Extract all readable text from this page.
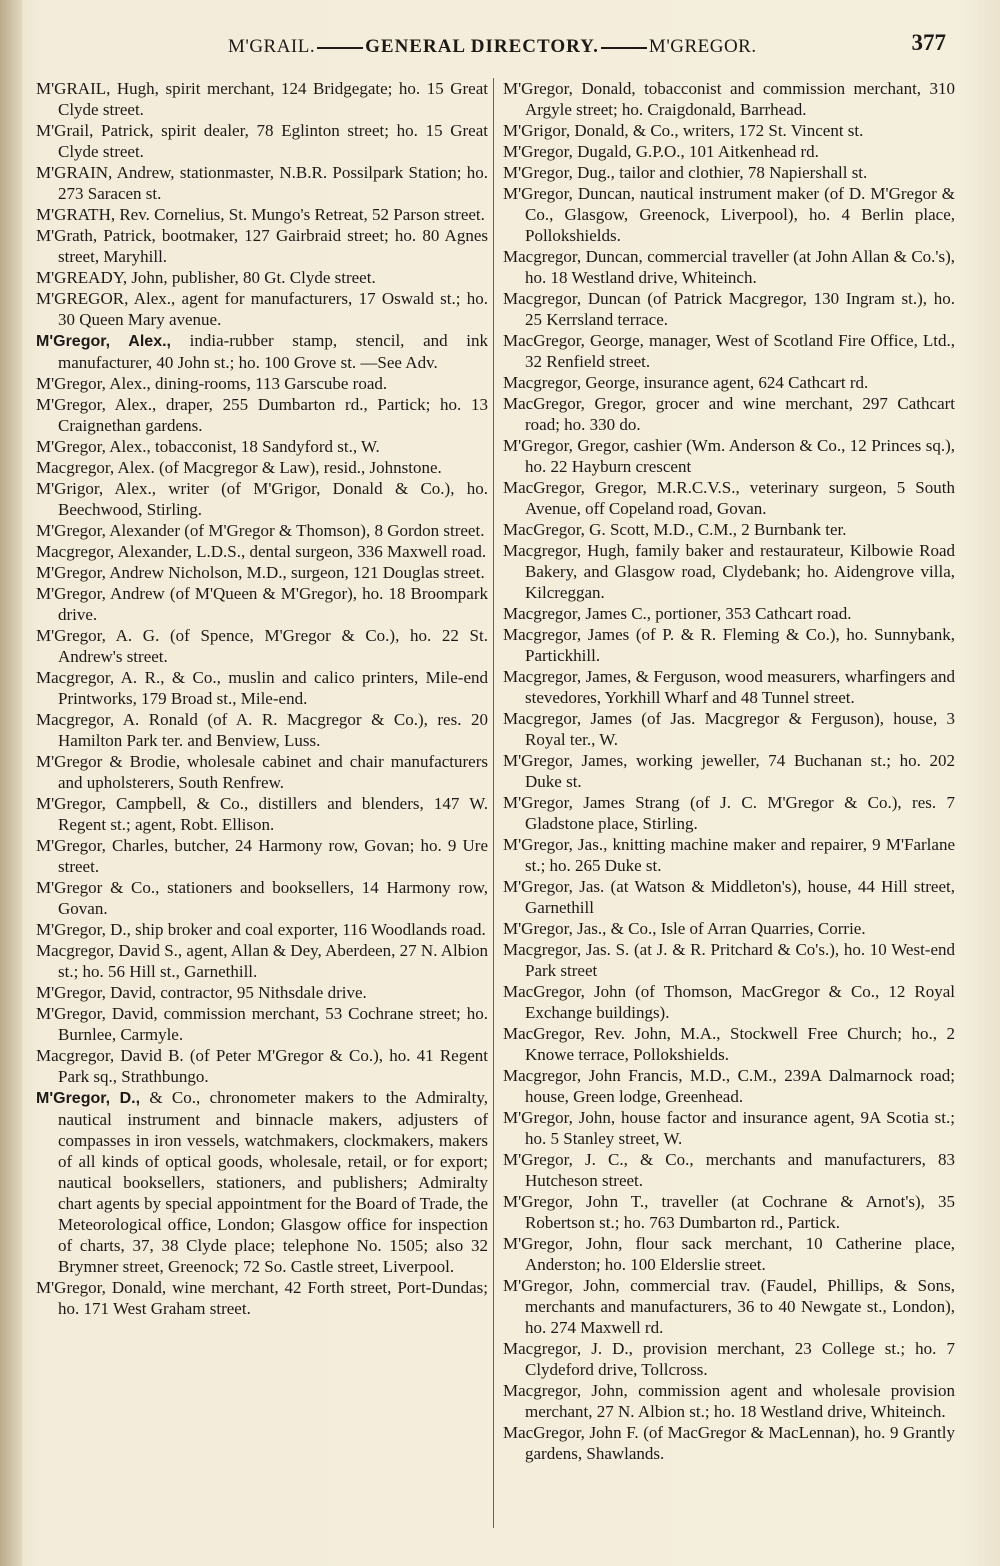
M'GRAIL.	GENERAL DIRECTORY.	M'GREGOR.	377
M'GRAIL, Hugh, spirit merchant, 124 Bridgegate; ho. 15 Great Clyde street.
M'Grail, Patrick, spirit dealer, 78 Eglinton street; ho. 15 Great Clyde street.
M'GRAIN, Andrew, stationmaster, N.B.R. Possilpark Station; ho. 273 Saracen st.
M'GRATH, Rev. Cornelius, St. Mungo's Retreat, 52 Parson street.
M'Grath, Patrick, bootmaker, 127 Gairbraid street; ho. 80 Agnes street, Maryhill.
M'GREADY, John, publisher, 80 Gt. Clyde street.
M'GREGOR, Alex., agent for manufacturers, 17 Oswald st.; ho. 30 Queen Mary avenue.
M'Gregor, Alex., india-rubber stamp, stencil, and ink manufacturer, 40 John st.; ho. 100 Grove st. —See Adv.
M'Gregor, Alex., dining-rooms, 113 Garscube road.
M'Gregor, Alex., draper, 255 Dumbarton rd., Partick; ho. 13 Craignethan gardens.
M'Gregor, Alex., tobacconist, 18 Sandyford st., W.
Macgregor, Alex. (of Macgregor & Law), resid., Johnstone.
M'Grigor, Alex., writer (of M'Grigor, Donald & Co.), ho. Beechwood, Stirling.
M'Gregor, Alexander (of M'Gregor & Thomson), 8 Gordon street.
Macgregor, Alexander, L.D.S., dental surgeon, 336 Maxwell road.
M'Gregor, Andrew Nicholson, M.D., surgeon, 121 Douglas street.
M'Gregor, Andrew (of M'Queen & M'Gregor), ho. 18 Broompark drive.
M'Gregor, A. G. (of Spence, M'Gregor & Co.), ho. 22 St. Andrew's street.
Macgregor, A. R., & Co., muslin and calico printers, Mile-end Printworks, 179 Broad st., Mile-end.
Macgregor, A. Ronald (of A. R. Macgregor & Co.), res. 20 Hamilton Park ter. and Benview, Luss.
M'Gregor & Brodie, wholesale cabinet and chair manufacturers and upholsterers, South Renfrew.
M'Gregor, Campbell, & Co., distillers and blenders, 147 W. Regent st.; agent, Robt. Ellison.
M'Gregor, Charles, butcher, 24 Harmony row, Govan; ho. 9 Ure street.
M'Gregor & Co., stationers and booksellers, 14 Harmony row, Govan.
M'Gregor, D., ship broker and coal exporter, 116 Woodlands road.
Macgregor, David S., agent, Allan & Dey, Aberdeen, 27 N. Albion st.; ho. 56 Hill st., Garnethill.
M'Gregor, David, contractor, 95 Nithsdale drive.
M'Gregor, David, commission merchant, 53 Cochrane street; ho. Burnlee, Carmyle.
Macgregor, David B. (of Peter M'Gregor & Co.), ho. 41 Regent Park sq., Strathbungo.
M'Gregor, D., & Co., chronometer makers to the Admiralty, nautical instrument and binnacle makers, adjusters of compasses in iron vessels, watchmakers, clockmakers, makers of all kinds of optical goods, wholesale, retail, or for export; nautical booksellers, stationers, and publishers; Admiralty chart agents by special appointment for the Board of Trade, the Meteorological office, London; Glasgow office for inspection of charts, 37, 38 Clyde place; telephone No. 1505; also 32 Brymner street, Greenock; 72 So. Castle street, Liverpool.
M'Gregor, Donald, wine merchant, 42 Forth street, Port-Dundas; ho. 171 West Graham street.
M'Gregor, Donald, tobacconist and commission merchant, 310 Argyle street; ho. Craigdonald, Barrhead.
M'Grigor, Donald, & Co., writers, 172 St. Vincent st.
M'Gregor, Dugald, G.P.O., 101 Aitkenhead rd.
M'Gregor, Dug., tailor and clothier, 78 Napiershall st.
M'Gregor, Duncan, nautical instrument maker (of D. M'Gregor & Co., Glasgow, Greenock, Liverpool), ho. 4 Berlin place, Pollokshields.
Macgregor, Duncan, commercial traveller (at John Allan & Co.'s), ho. 18 Westland drive, Whiteinch.
Macgregor, Duncan (of Patrick Macgregor, 130 Ingram st.), ho. 25 Kerrsland terrace.
MacGregor, George, manager, West of Scotland Fire Office, Ltd., 32 Renfield street.
Macgregor, George, insurance agent, 624 Cathcart rd.
MacGregor, Gregor, grocer and wine merchant, 297 Cathcart road; ho. 330 do.
M'Gregor, Gregor, cashier (Wm. Anderson & Co., 12 Princes sq.), ho. 22 Hayburn crescent
MacGregor, Gregor, M.R.C.V.S., veterinary surgeon, 5 South Avenue, off Copeland road, Govan.
MacGregor, G. Scott, M.D., C.M., 2 Burnbank ter.
Macgregor, Hugh, family baker and restaurateur, Kilbowie Road Bakery, and Glasgow road, Clydebank; ho. Aidengrove villa, Kilcreggan.
Macgregor, James C., portioner, 353 Cathcart road.
Macgregor, James (of P. & R. Fleming & Co.), ho. Sunnybank, Partickhill.
Macgregor, James, & Ferguson, wood measurers, wharfingers and stevedores, Yorkhill Wharf and 48 Tunnel street.
Macgregor, James (of Jas. Macgregor & Ferguson), house, 3 Royal ter., W.
M'Gregor, James, working jeweller, 74 Buchanan st.; ho. 202 Duke st.
M'Gregor, James Strang (of J. C. M'Gregor & Co.), res. 7 Gladstone place, Stirling.
M'Gregor, Jas., knitting machine maker and repairer, 9 M'Farlane st.; ho. 265 Duke st.
M'Gregor, Jas. (at Watson & Middleton's), house, 44 Hill street, Garnethill
M'Gregor, Jas., & Co., Isle of Arran Quarries, Corrie.
Macgregor, Jas. S. (at J. & R. Pritchard & Co's.), ho. 10 West-end Park street
MacGregor, John (of Thomson, MacGregor & Co., 12 Royal Exchange buildings).
MacGregor, Rev. John, M.A., Stockwell Free Church; ho., 2 Knowe terrace, Pollokshields.
Macgregor, John Francis, M.D., C.M., 239A Dalmarnock road; house, Green lodge, Greenhead.
M'Gregor, John, house factor and insurance agent, 9A Scotia st.; ho. 5 Stanley street, W.
M'Gregor, J. C., & Co., merchants and manufacturers, 83 Hutcheson street.
M'Gregor, John T., traveller (at Cochrane & Arnot's), 35 Robertson st.; ho. 763 Dumbarton rd., Partick.
M'Gregor, John, flour sack merchant, 10 Catherine place, Anderston; ho. 100 Elderslie street.
M'Gregor, John, commercial trav. (Faudel, Phillips, & Sons, merchants and manufacturers, 36 to 40 Newgate st., London), ho. 274 Maxwell rd.
Macgregor, J. D., provision merchant, 23 College st.; ho. 7 Clydeford drive, Tollcross.
Macgregor, John, commission agent and wholesale provision merchant, 27 N. Albion st.; ho. 18 Westland drive, Whiteinch.
MacGregor, John F. (of MacGregor & MacLennan), ho. 9 Grantly gardens, Shawlands.
